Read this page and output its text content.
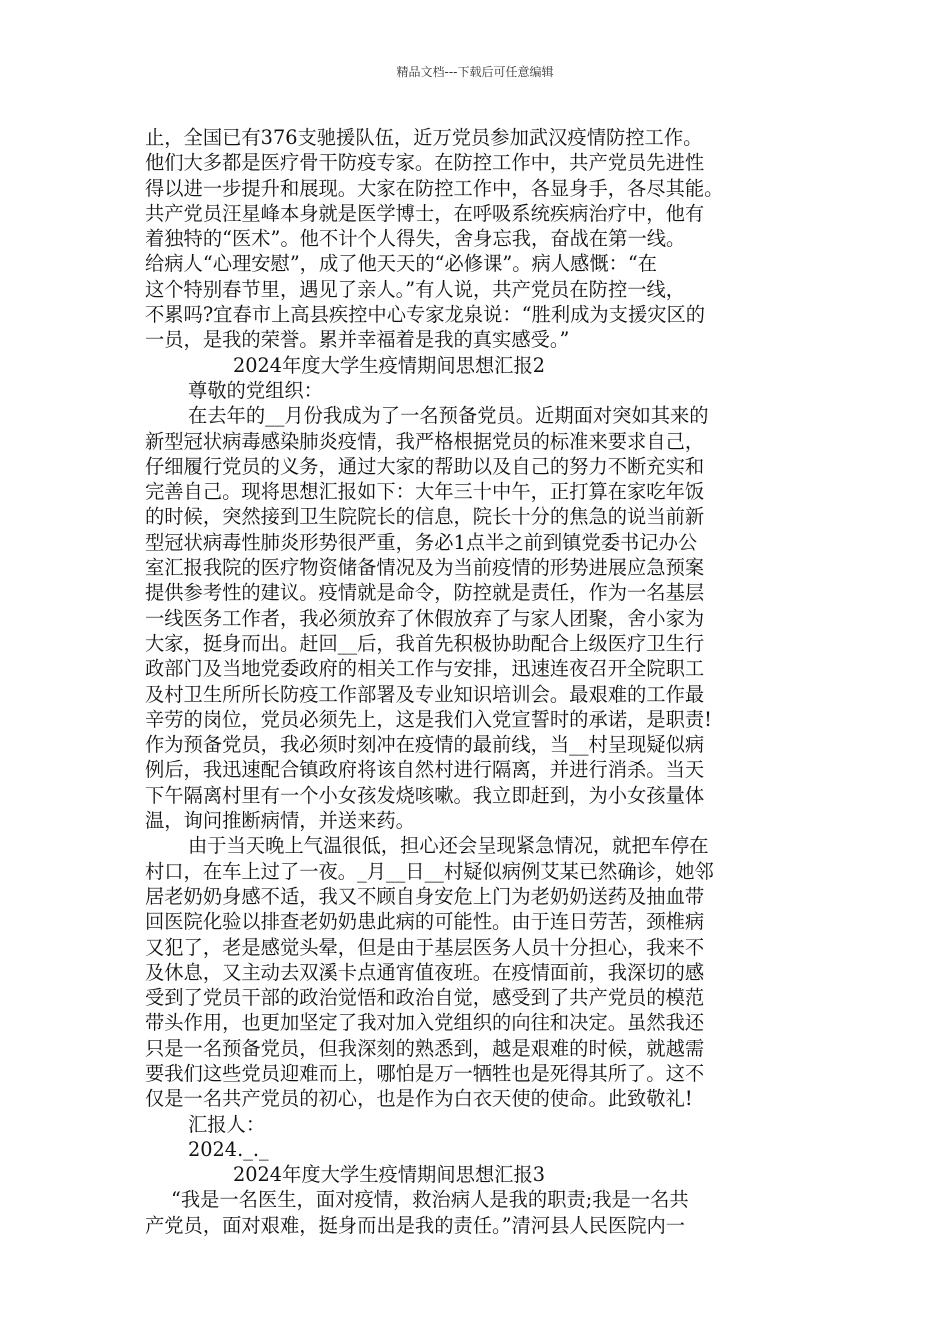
精品文档---下载后可任意编辑
止，全国已有376支驰援队伍，近万党员参加武汉疫情防控工作。
他们大多都是医疗骨干防疫专家。在防控工作中，共产党员先进性
得以进一步提升和展现。大家在防控工作中，各显身手，各尽其能。
共产党员汪星峰本身就是医学博士，在呼吸系统疾病治疗中，他有
着独特的“医术”。他不计个人得失，舍身忘我，奋战在第一线。
给病人“心理安慰”，成了他天天的“必修课”。病人感慨：“在
这个特别春节里，遇见了亲人。”有人说，共产党员在防控一线，
不累吗?宜春市上高县疾控中心专家龙泉说：“胜利成为支援灾区的
一员，是我的荣誉。累并幸福着是我的真实感受。”
2024年度大学生疫情期间思想汇报2
尊敬的党组织：
在去年的__月份我成为了一名预备党员。近期面对突如其来的
新型冠状病毒感染肺炎疫情，我严格根据党员的标准来要求自己，
仔细履行党员的义务，通过大家的帮助以及自己的努力不断充实和
完善自己。现将思想汇报如下：大年三十中午，正打算在家吃年饭
的时候，突然接到卫生院院长的信息，院长十分的焦急的说当前新
型冠状病毒性肺炎形势很严重，务必1点半之前到镇党委书记办公
室汇报我院的医疗物资储备情况及为当前疫情的形势进展应急预案
提供参考性的建议。疫情就是命令，防控就是责任，作为一名基层
一线医务工作者，我必须放弃了休假放弃了与家人团聚，舍小家为
大家，挺身而出。赶回__后，我首先积极协助配合上级医疗卫生行
政部门及当地党委政府的相关工作与安排，迅速连夜召开全院职工
及村卫生所所长防疫工作部署及专业知识培训会。最艰难的工作最
辛劳的岗位，党员必须先上，这是我们入党宣誓时的承诺，是职责!
作为预备党员，我必须时刻冲在疫情的最前线，当__村呈现疑似病
例后，我迅速配合镇政府将该自然村进行隔离，并进行消杀。当天
下午隔离村里有一个小女孩发烧咳嗽。我立即赶到，为小女孩量体
温，询问推断病情，并送来药。
由于当天晚上气温很低，担心还会呈现紧急情况，就把车停在
村口，在车上过了一夜。_月__日__村疑似病例艾某已然确诊，她邻
居老奶奶身感不适，我又不顾自身安危上门为老奶奶送药及抽血带
回医院化验以排查老奶奶患此病的可能性。由于连日劳苦，颈椎病
又犯了，老是感觉头晕，但是由于基层医务人员十分担心，我来不
及休息，又主动去双溪卡点通宵值夜班。在疫情面前，我深切的感
受到了党员干部的政治觉悟和政治自觉，感受到了共产党员的模范
带头作用，也更加坚定了我对加入党组织的向往和决定。虽然我还
只是一名预备党员，但我深刻的熟悉到，越是艰难的时候，就越需
要我们这些党员迎难而上，哪怕是万一牺牲也是死得其所了。这不
仅是一名共产党员的初心，也是作为白衣天使的使命。此致敬礼!
汇报人：
2024._._
2024年度大学生疫情期间思想汇报3
“我是一名医生，面对疫情，救治病人是我的职责;我是一名共
产党员，面对艰难，挺身而出是我的责任。”清河县人民医院内一
